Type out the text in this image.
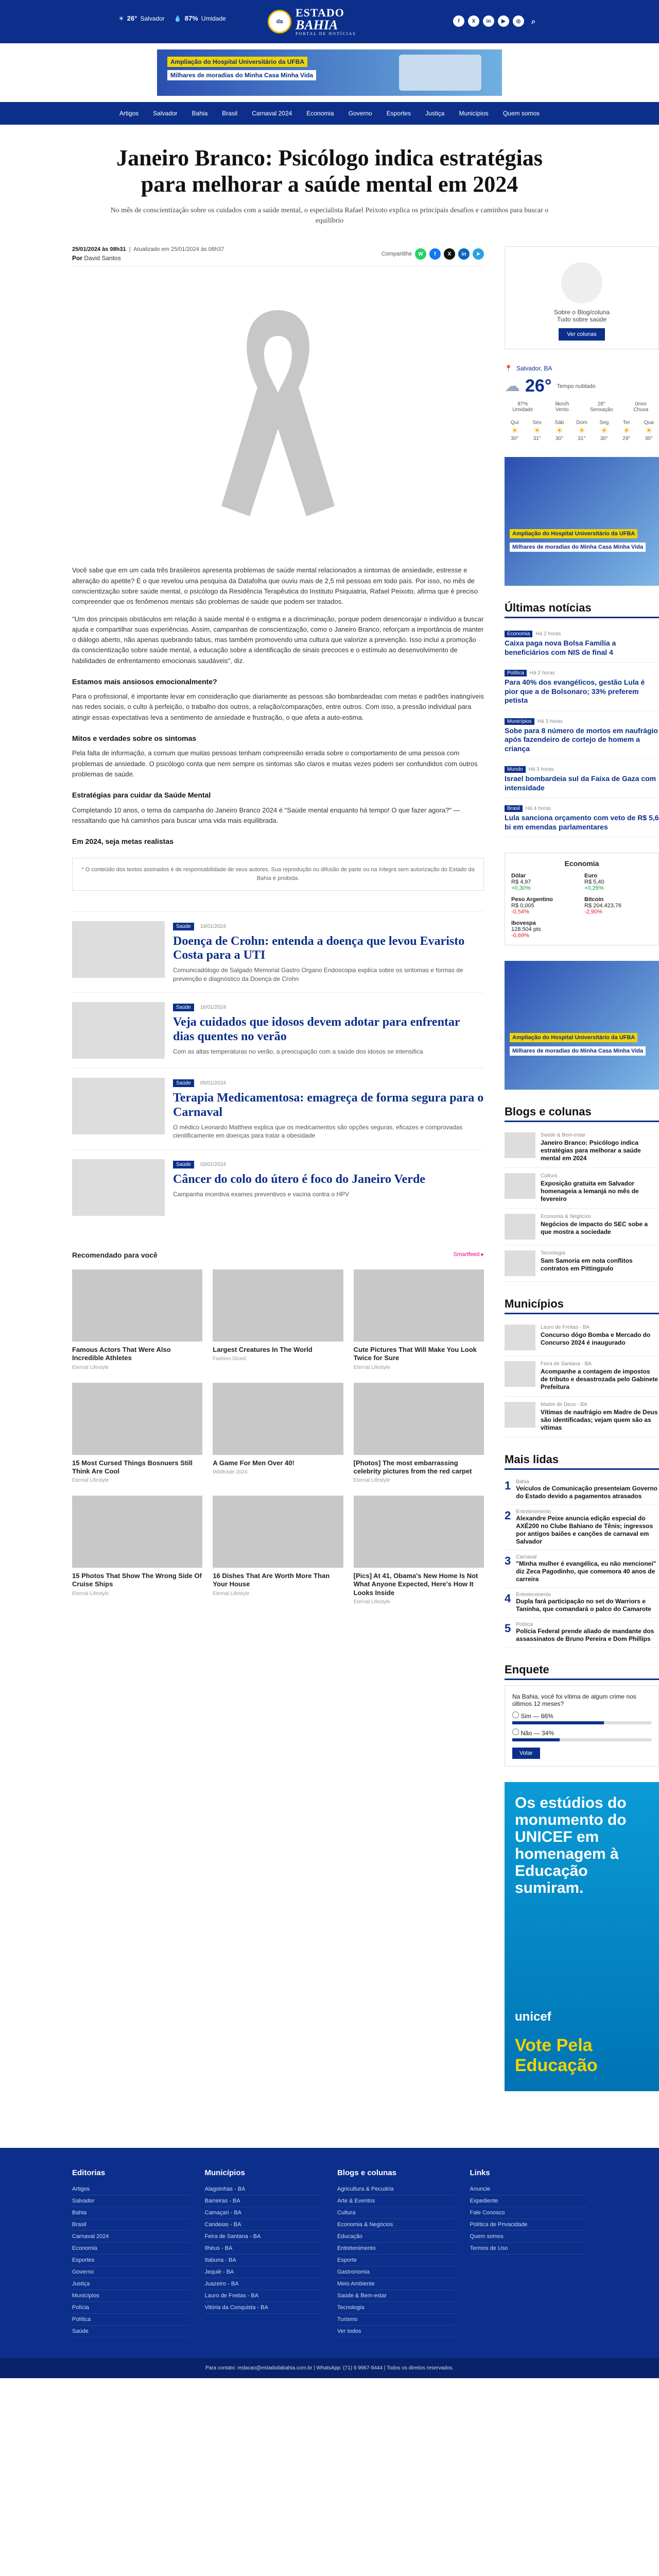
☀ 26° Salvador 💧 87% Umidade	da
ESTADO
BAHIA
PORTAL DE NOTÍCIAS
f	X	in	▶	◎	⌕
Ampliação do Hospital Universitário da UFBA
Milhares de moradias do Minha Casa Minha Vida
Artigos Salvador Bahia Brasil Carnaval 2024 Economia Governo Esportes Justiça Municípios Quem somos
Janeiro Branco: Psicólogo indica estratégias para melhorar a saúde mental em 2024

No mês de conscientização sobre os cuidados com a saúde mental, o especialista Rafael Peixoto explica os principais desafios e caminhos para buscar o equilíbrio

25/01/2024 às 08h31  |  Atualizado em 25/01/2024 às 08h37
Por David Santos
Compartilhe	W	f	X	in	➤

Você sabe que em um cada três brasileiros apresenta problemas de saúde mental relacionados a sintomas de ansiedade, estresse e alteração do apetite? É o que revelou uma pesquisa da Datafolha que ouviu mais de 2,5 mil pessoas em todo país. Por isso, no mês de conscientização sobre saúde mental, o psicólogo da Residência Terapêutica do Instituto Psiquiatria, Rafael Peixoto, afirma que é preciso compreender que os fenômenos mentais são problemas de saúde que podem ser tratados.

"Um dos principais obstáculos em relação à saúde mental é o estigma e a discriminação, porque podem desencorajar o indivíduo a buscar ajuda e compartilhar suas experiências. Assim, campanhas de conscientização, como o Janeiro Branco, reforçam a importância de manter o diálogo aberto, não apenas quebrando tabus, mas também promovendo uma cultura que valorize a prevenção. Isso inclui a promoção da conscientização sobre saúde mental, a educação sobre a identificação de sinais precoces e o estímulo ao desenvolvimento de habilidades de enfrentamento emocionais saudáveis", diz.

Estamos mais ansiosos emocionalmente?

Para o profissional, é importante levar em consideração que diariamente as pessoas são bombardeadas com metas e padrões inatingíveis nas redes sociais, o culto à perfeição, o trabalho dos outros, a relação/comparações, entre outros. Com isso, a pressão individual para atingir essas expectativas leva a sentimento de ansiedade e frustração, o que afeta a auto-estima.

Mitos e verdades sobre os sintomas

Pela falta de informação, a comum que muitas pessoas tenham compreensão errada sobre o comportamento de uma pessoa com problemas de ansiedade. O psicólogo conta que nem sempre os sintomas são claros e muitas vezes podem ser confundidos com outros problemas de saúde.

Estratégias para cuidar da Saúde Mental

Completando 10 anos, o tema da campanha do Janeiro Branco 2024 é "Saúde mental enquanto há tempo! O que fazer agora?" — ressaltando que há caminhos para buscar uma vida mais equilibrada.

Em 2024, seja metas realistas
* O conteúdo dos textos assinados é de responsabilidade de seus autores. Sua reprodução ou difusão de parte ou na íntegra sem autorização do Estado da Bahia é proibida.
Saúde 19/01/2024
Doença de Crohn: entenda a doença que levou Evaristo Costa para a UTI

Comunicadólogo de Salgado Memorial Gastro Organo Endoscopia explica sobre os sintomas e formas de prevenção e diagnóstico da Doença de Crohn

Saúde 16/01/2024
Veja cuidados que idosos devem adotar para enfrentar dias quentes no verão

Com as altas temperaturas no verão, a preocupação com a saúde dos idosos se intensifica

Saúde 05/01/2024
Terapia Medicamentosa: emagreça de forma segura para o Carnaval

O médico Leonardo Matthew explica que os medicamentos são opções seguras, eficazes e comprovadas cientificamente em doenças para tratar a obesidade

Saúde 03/01/2024
Câncer do colo do útero é foco do Janeiro Verde

Campanha incentiva exames preventivos e vacina contra o HPV

Recomendado para você	Smartfeed ▸
Famous Actors That Were Also Incredible Athletes
Eternal Lifestyle
Largest Creatures In The World
Fashion Diced
Cute Pictures That Will Make You Look Twice for Sure
Eternal Lifestyle
15 Most Cursed Things Bosnuers Still Think Are Cool
Eternal Lifestyle
A Game For Men Over 40!
Wildtrade 2024
[Photos] The most embarrassing celebrity pictures from the red carpet
Eternal Lifestyle
15 Photos That Show The Wrong Side Of Cruise Ships
Eternal Lifestyle
16 Dishes That Are Worth More Than Your House
Eternal Lifestyle
[Pics] At 41, Obama's New Home Is Not What Anyone Expected, Here's How It Looks Inside
Eternal Lifestyle
Sobre o Blog/coluna
Tudo sobre saúde
Ver colunas
📍 Salvador, BA
☁ 26° Tempo nublado
87%
Umidade
9km/h
Vento
28°
Sensação
0mm
Chuva
Qui
☀
30°
Sex
☀
31°
Sáb
☀
30°
Dom
☀
31°
Seg
☀
30°
Ter
☀
29°
Qua
☀
30°
Ampliação do Hospital Universitário da UFBA
Milhares de moradias do Minha Casa Minha Vida
Últimas notícias
Economia Há 2 horas
Caixa paga nova Bolsa Família a beneficiários com NIS de final 4
Política Há 2 horas
Para 40% dos evangélicos, gestão Lula é pior que a de Bolsonaro; 33% preferem petista
Municípios Há 3 horas
Sobe para 8 número de mortos em naufrágio após fazendeiro de cortejo de homem a criança
Mundo Há 3 horas
Israel bombardeia sul da Faixa de Gaza com intensidade
Brasil Há 4 horas
Lula sanciona orçamento com veto de R$ 5,6 bi em emendas parlamentares
Economia
Dólar
R$ 4,97
+0,30%
Euro
R$ 5,40
+0,26%
Peso Argentino
R$ 0,005
-0,54%
Bitcoin
R$ 204.423,76
-2,90%
Ibovespa
128.504 pts
-0,69%
Ampliação do Hospital Universitário da UFBA
Milhares de moradias do Minha Casa Minha Vida
Blogs e colunas
Saúde & Bem-estar
Janeiro Branco: Psicólogo indica estratégias para melhorar a saúde mental em 2024
Cultura
Exposição gratuita em Salvador homenageia a Iemanjá no mês de fevereiro
Economia & Negócios
Negócios de impacto do SEC sobe a que mostra a sociedade
Tecnologia
Sam Samoria em nota conflitos contratos em Pittingpulo
Municípios
Lauro de Freitas - BA
Concurso dógo Bomba e Mercado do Concurso 2024 é inaugurado
Feira de Santana - BA
Acompanhe a contagem de impostos de tributo e desastrozada pelo Gabinete Prefeitura
Madre de Deus - BA
Vítimas de naufrágio em Madre de Deus são identificadas; vejam quem são as vítimas
Mais lidas
1 Bahia
Veículos de Comunicação presenteiam Governo do Estado devido a pagamentos atrasados
2 Entretenimento
Alexandre Peixe anuncia edição especial do AXÉ200 no Clube Bahiano de Tênis; ingressos por antigos baiões e canções de carnaval em Salvador
3 Carnaval
"Minha mulher é evangélica, eu não mencionei" diz Zeca Pagodinho, que comemora 40 anos de carreira
4 Entretenimento
Dupla fará participação no set do Warriors e Taninha, que comandará o palco do Camarote
5 Política
Polícia Federal prende aliado de mandante dos assassinatos de Bruno Pereira e Dom Phillips
Enquete
Na Bahia, você foi vítima de algum crime nos últimos 12 meses?
Sim — 66%
Não — 34%
Votar
Os estúdios do monumento do UNICEF em homenagem à Educação sumiram.
unicef
Vote Pela Educação
Editorias
Artigos
Salvador
Bahia
Brasil
Carnaval 2024
Economia
Esportes
Governo
Justiça
Municípios
Polícia
Política
Saúde
Municípios
Alagoinhas - BA
Barreiras - BA
Camaçari - BA
Candeias - BA
Feira de Santana - BA
Ilhéus - BA
Itabuna - BA
Jequié - BA
Juazeiro - BA
Lauro de Freitas - BA
Vitória da Conquista - BA
Blogs e colunas
Agricultura & Pecuária
Arte & Eventos
Cultura
Economia & Negócios
Educação
Entretenimento
Esporte
Gastronomia
Meio Ambiente
Saúde & Bem-estar
Tecnologia
Turismo
Ver todos
Links
Anuncie
Expediente
Fale Conosco
Política de Privacidade
Quem somos
Termos de Uso
Para contato: redacao@estadodabahia.com.br | WhatsApp: (71) 9 9967-9444 | Todos os direitos reservados.
